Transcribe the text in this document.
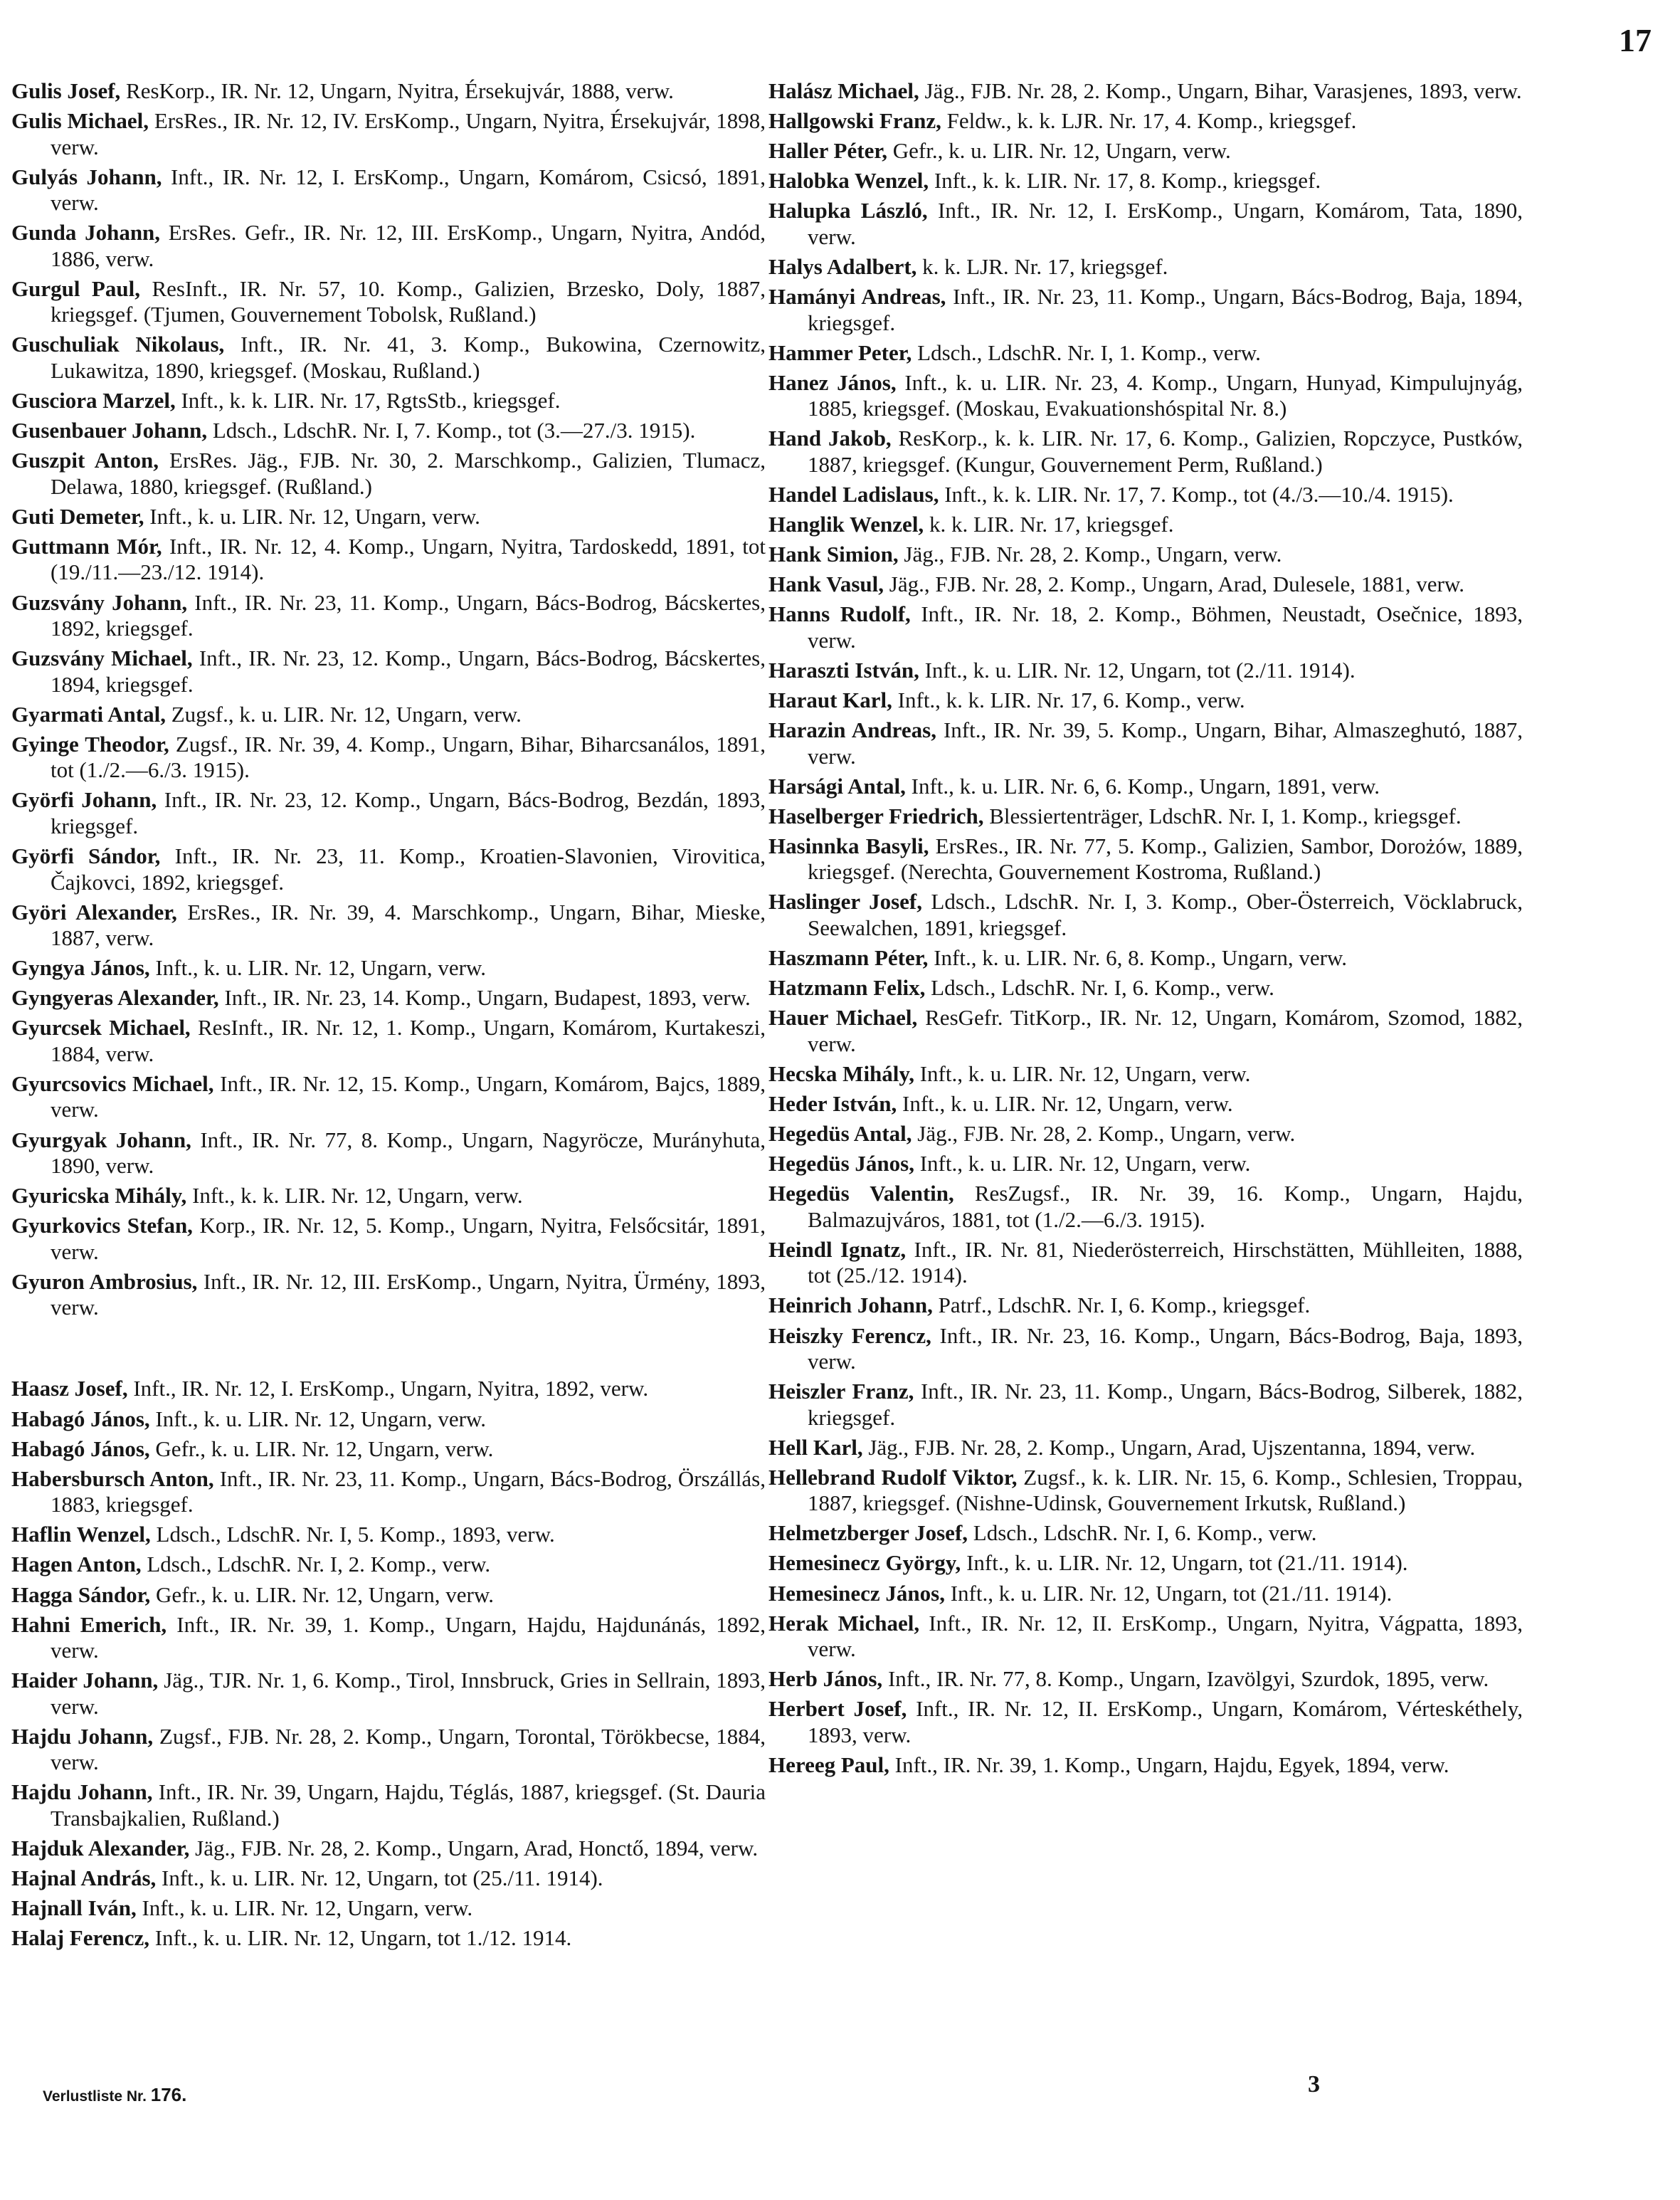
17

Gulis Josef, ResKorp., IR. Nr. 12, Ungarn, Nyitra, Érsekujvár, 1888, verw.

Gulis Michael, ErsRes., IR. Nr. 12, IV. ErsKomp., Ungarn, Nyitra, Érsekujvár, 1898, verw.

Gulyás Johann, Inft., IR. Nr. 12, I. ErsKomp., Ungarn, Komárom, Csicsó, 1891, verw.

Gunda Johann, ErsRes. Gefr., IR. Nr. 12, III. ErsKomp., Ungarn, Nyitra, Andód, 1886, verw.

Gurgul Paul, ResInft., IR. Nr. 57, 10. Komp., Galizien, Brzesko, Doly, 1887, kriegsgef. (Tjumen, Gouvernement Tobolsk, Rußland.)

Guschuliak Nikolaus, Inft., IR. Nr. 41, 3. Komp., Bukowina, Czernowitz, Lukawitza, 1890, kriegsgef. (Moskau, Rußland.)

Gusciora Marzel, Inft., k. k. LIR. Nr. 17, RgtsStb., kriegsgef.

Gusenbauer Johann, Ldsch., LdschR. Nr. I, 7. Komp., tot (3.—27./3. 1915).

Guszpit Anton, ErsRes. Jäg., FJB. Nr. 30, 2. Marschkomp., Galizien, Tlumacz, Delawa, 1880, kriegsgef. (Rußland.)

Guti Demeter, Inft., k. u. LIR. Nr. 12, Ungarn, verw.

Guttmann Mór, Inft., IR. Nr. 12, 4. Komp., Ungarn, Nyitra, Tardoskedd, 1891, tot (19./11.—23./12. 1914).

Guzsvány Johann, Inft., IR. Nr. 23, 11. Komp., Ungarn, Bács-Bodrog, Bácskertes, 1892, kriegsgef.

Guzsvány Michael, Inft., IR. Nr. 23, 12. Komp., Ungarn, Bács-Bodrog, Bácskertes, 1894, kriegsgef.

Gyarmati Antal, Zugsf., k. u. LIR. Nr. 12, Ungarn, verw.

Gyinge Theodor, Zugsf., IR. Nr. 39, 4. Komp., Ungarn, Bihar, Biharcsanálos, 1891, tot (1./2.—6./3. 1915).

Györfi Johann, Inft., IR. Nr. 23, 12. Komp., Ungarn, Bács-Bodrog, Bezdán, 1893, kriegsgef.

Györfi Sándor, Inft., IR. Nr. 23, 11. Komp., Kroatien-Slavonien, Virovitica, Čajkovci, 1892, kriegsgef.

Györi Alexander, ErsRes., IR. Nr. 39, 4. Marschkomp., Ungarn, Bihar, Mieske, 1887, verw.

Gyngya János, Inft., k. u. LIR. Nr. 12, Ungarn, verw.

Gyngyeras Alexander, Inft., IR. Nr. 23, 14. Komp., Ungarn, Budapest, 1893, verw.

Gyurcsek Michael, ResInft., IR. Nr. 12, 1. Komp., Ungarn, Komárom, Kurtakeszi, 1884, verw.

Gyurcsovics Michael, Inft., IR. Nr. 12, 15. Komp., Ungarn, Komárom, Bajcs, 1889, verw.

Gyurgyak Johann, Inft., IR. Nr. 77, 8. Komp., Ungarn, Nagyröcze, Murányhuta, 1890, verw.

Gyuricska Mihály, Inft., k. k. LIR. Nr. 12, Ungarn, verw.

Gyurkovics Stefan, Korp., IR. Nr. 12, 5. Komp., Ungarn, Nyitra, Felsőcsitár, 1891, verw.

Gyuron Ambrosius, Inft., IR. Nr. 12, III. ErsKomp., Ungarn, Nyitra, Ürmény, 1893, verw.

Haasz Josef, Inft., IR. Nr. 12, I. ErsKomp., Ungarn, Nyitra, 1892, verw.

Habagó János, Inft., k. u. LIR. Nr. 12, Ungarn, verw.

Habagó János, Gefr., k. u. LIR. Nr. 12, Ungarn, verw.

Habersbursch Anton, Inft., IR. Nr. 23, 11. Komp., Ungarn, Bács-Bodrog, Örszállás, 1883, kriegsgef.

Haflin Wenzel, Ldsch., LdschR. Nr. I, 5. Komp., 1893, verw.

Hagen Anton, Ldsch., LdschR. Nr. I, 2. Komp., verw.

Hagga Sándor, Gefr., k. u. LIR. Nr. 12, Ungarn, verw.

Hahni Emerich, Inft., IR. Nr. 39, 1. Komp., Ungarn, Hajdu, Hajdunánás, 1892, verw.

Haider Johann, Jäg., TJR. Nr. 1, 6. Komp., Tirol, Innsbruck, Gries in Sellrain, 1893, verw.

Hajdu Johann, Zugsf., FJB. Nr. 28, 2. Komp., Ungarn, Torontal, Törökbecse, 1884, verw.

Hajdu Johann, Inft., IR. Nr. 39, Ungarn, Hajdu, Téglás, 1887, kriegsgef. (St. Dauria Transbajkalien, Rußland.)

Hajduk Alexander, Jäg., FJB. Nr. 28, 2. Komp., Ungarn, Arad, Honctő, 1894, verw.

Hajnal András, Inft., k. u. LIR. Nr. 12, Ungarn, tot (25./11. 1914).

Hajnall Iván, Inft., k. u. LIR. Nr. 12, Ungarn, verw.

Halaj Ferencz, Inft., k. u. LIR. Nr. 12, Ungarn, tot 1./12. 1914.

Halász Michael, Jäg., FJB. Nr. 28, 2. Komp., Ungarn, Bihar, Varasjenes, 1893, verw.

Hallgowski Franz, Feldw., k. k. LJR. Nr. 17, 4. Komp., kriegsgef.

Haller Péter, Gefr., k. u. LIR. Nr. 12, Ungarn, verw.

Halobka Wenzel, Inft., k. k. LIR. Nr. 17, 8. Komp., kriegsgef.

Halupka László, Inft., IR. Nr. 12, I. ErsKomp., Ungarn, Komárom, Tata, 1890, verw.

Halys Adalbert, k. k. LJR. Nr. 17, kriegsgef.

Hamányi Andreas, Inft., IR. Nr. 23, 11. Komp., Ungarn, Bács-Bodrog, Baja, 1894, kriegsgef.

Hammer Peter, Ldsch., LdschR. Nr. I, 1. Komp., verw.

Hanez János, Inft., k. u. LIR. Nr. 23, 4. Komp., Ungarn, Hunyad, Kimpulujnyág, 1885, kriegsgef. (Moskau, Evakuationshóspital Nr. 8.)

Hand Jakob, ResKorp., k. k. LIR. Nr. 17, 6. Komp., Galizien, Ropczyce, Pustków, 1887, kriegsgef. (Kungur, Gouvernement Perm, Rußland.)

Handel Ladislaus, Inft., k. k. LIR. Nr. 17, 7. Komp., tot (4./3.—10./4. 1915).

Hanglik Wenzel, k. k. LIR. Nr. 17, kriegsgef.

Hank Simion, Jäg., FJB. Nr. 28, 2. Komp., Ungarn, verw.

Hank Vasul, Jäg., FJB. Nr. 28, 2. Komp., Ungarn, Arad, Dulesele, 1881, verw.

Hanns Rudolf, Inft., IR. Nr. 18, 2. Komp., Böhmen, Neustadt, Osečnice, 1893, verw.

Haraszti István, Inft., k. u. LIR. Nr. 12, Ungarn, tot (2./11. 1914).

Haraut Karl, Inft., k. k. LIR. Nr. 17, 6. Komp., verw.

Harazin Andreas, Inft., IR. Nr. 39, 5. Komp., Ungarn, Bihar, Almaszeghutó, 1887, verw.

Harsági Antal, Inft., k. u. LIR. Nr. 6, 6. Komp., Ungarn, 1891, verw.

Haselberger Friedrich, Blessiertenträger, LdschR. Nr. I, 1. Komp., kriegsgef.

Hasinnka Basyli, ErsRes., IR. Nr. 77, 5. Komp., Galizien, Sambor, Dorożów, 1889, kriegsgef. (Nerechta, Gouvernement Kostroma, Rußland.)

Haslinger Josef, Ldsch., LdschR. Nr. I, 3. Komp., Ober-Österreich, Vöcklabruck, Seewalchen, 1891, kriegsgef.

Haszmann Péter, Inft., k. u. LIR. Nr. 6, 8. Komp., Ungarn, verw.

Hatzmann Felix, Ldsch., LdschR. Nr. I, 6. Komp., verw.

Hauer Michael, ResGefr. TitKorp., IR. Nr. 12, Ungarn, Komárom, Szomod, 1882, verw.

Hecska Mihály, Inft., k. u. LIR. Nr. 12, Ungarn, verw.

Heder István, Inft., k. u. LIR. Nr. 12, Ungarn, verw.

Hegedüs Antal, Jäg., FJB. Nr. 28, 2. Komp., Ungarn, verw.

Hegedüs János, Inft., k. u. LIR. Nr. 12, Ungarn, verw.

Hegedüs Valentin, ResZugsf., IR. Nr. 39, 16. Komp., Ungarn, Hajdu, Balmazujváros, 1881, tot (1./2.—6./3. 1915).

Heindl Ignatz, Inft., IR. Nr. 81, Niederösterreich, Hirschstätten, Mühlleiten, 1888, tot (25./12. 1914).

Heinrich Johann, Patrf., LdschR. Nr. I, 6. Komp., kriegsgef.

Heiszky Ferencz, Inft., IR. Nr. 23, 16. Komp., Ungarn, Bács-Bodrog, Baja, 1893, verw.

Heiszler Franz, Inft., IR. Nr. 23, 11. Komp., Ungarn, Bács-Bodrog, Silberek, 1882, kriegsgef.

Hell Karl, Jäg., FJB. Nr. 28, 2. Komp., Ungarn, Arad, Ujszentanna, 1894, verw.

Hellebrand Rudolf Viktor, Zugsf., k. k. LIR. Nr. 15, 6. Komp., Schlesien, Troppau, 1887, kriegsgef. (Nishne-Udinsk, Gouvernement Irkutsk, Rußland.)

Helmetzberger Josef, Ldsch., LdschR. Nr. I, 6. Komp., verw.

Hemesinecz György, Inft., k. u. LIR. Nr. 12, Ungarn, tot (21./11. 1914).

Hemesinecz János, Inft., k. u. LIR. Nr. 12, Ungarn, tot (21./11. 1914).

Herak Michael, Inft., IR. Nr. 12, II. ErsKomp., Ungarn, Nyitra, Vágpatta, 1893, verw.

Herb János, Inft., IR. Nr. 77, 8. Komp., Ungarn, Izavölgyi, Szurdok, 1895, verw.

Herbert Josef, Inft., IR. Nr. 12, II. ErsKomp., Ungarn, Komárom, Vérteskéthely, 1893, verw.

Hereeg Paul, Inft., IR. Nr. 39, 1. Komp., Ungarn, Hajdu, Egyek, 1894, verw.

Verlustliste Nr. 176.	3
